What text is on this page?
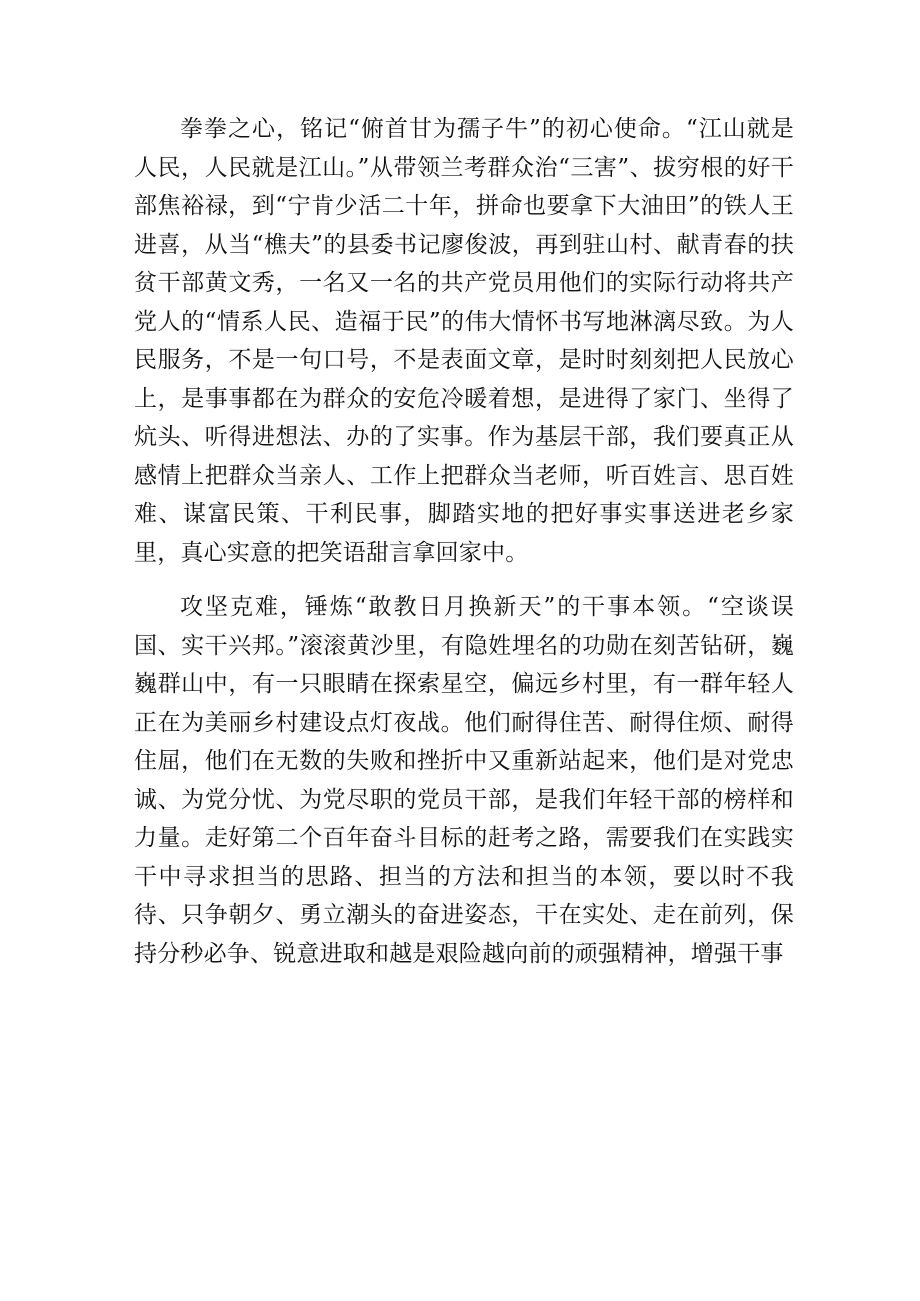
拳拳之心，铭记“俯首甘为孺子牛”的初心使命。“江山就是人民，人民就是江山。”从带领兰考群众治“三害”、拔穷根的好干部焦裕禄，到“宁肯少活二十年，拼命也要拿下大油田”的铁人王进喜，从当“樵夫”的县委书记廖俊波，再到驻山村、献青春的扶贫干部黄文秀，一名又一名的共产党员用他们的实际行动将共产党人的“情系人民、造福于民”的伟大情怀书写地淋漓尽致。为人民服务，不是一句口号，不是表面文章，是时时刻刻把人民放心上，是事事都在为群众的安危冷暖着想，是进得了家门、坐得了炕头、听得进想法、办的了实事。作为基层干部，我们要真正从感情上把群众当亲人、工作上把群众当老师，听百姓言、思百姓难、谋富民策、干利民事，脚踏实地的把好事实事送进老乡家里，真心实意的把笑语甜言拿回家中。

攻坚克难，锤炼“敢教日月换新天”的干事本领。“空谈误国、实干兴邦。”滚滚黄沙里，有隐姓埋名的功勋在刻苦钻研，巍巍群山中，有一只眼睛在探索星空，偏远乡村里，有一群年轻人正在为美丽乡村建设点灯夜战。他们耐得住苦、耐得住烦、耐得住屈，他们在无数的失败和挫折中又重新站起来，他们是对党忠诚、为党分忧、为党尽职的党员干部，是我们年轻干部的榜样和力量。走好第二个百年奋斗目标的赶考之路，需要我们在实践实干中寻求担当的思路、担当的方法和担当的本领，要以时不我待、只争朝夕、勇立潮头的奋进姿态，干在实处、走在前列，保持分秒必争、锐意进取和越是艰险越向前的顽强精神，增强干事
